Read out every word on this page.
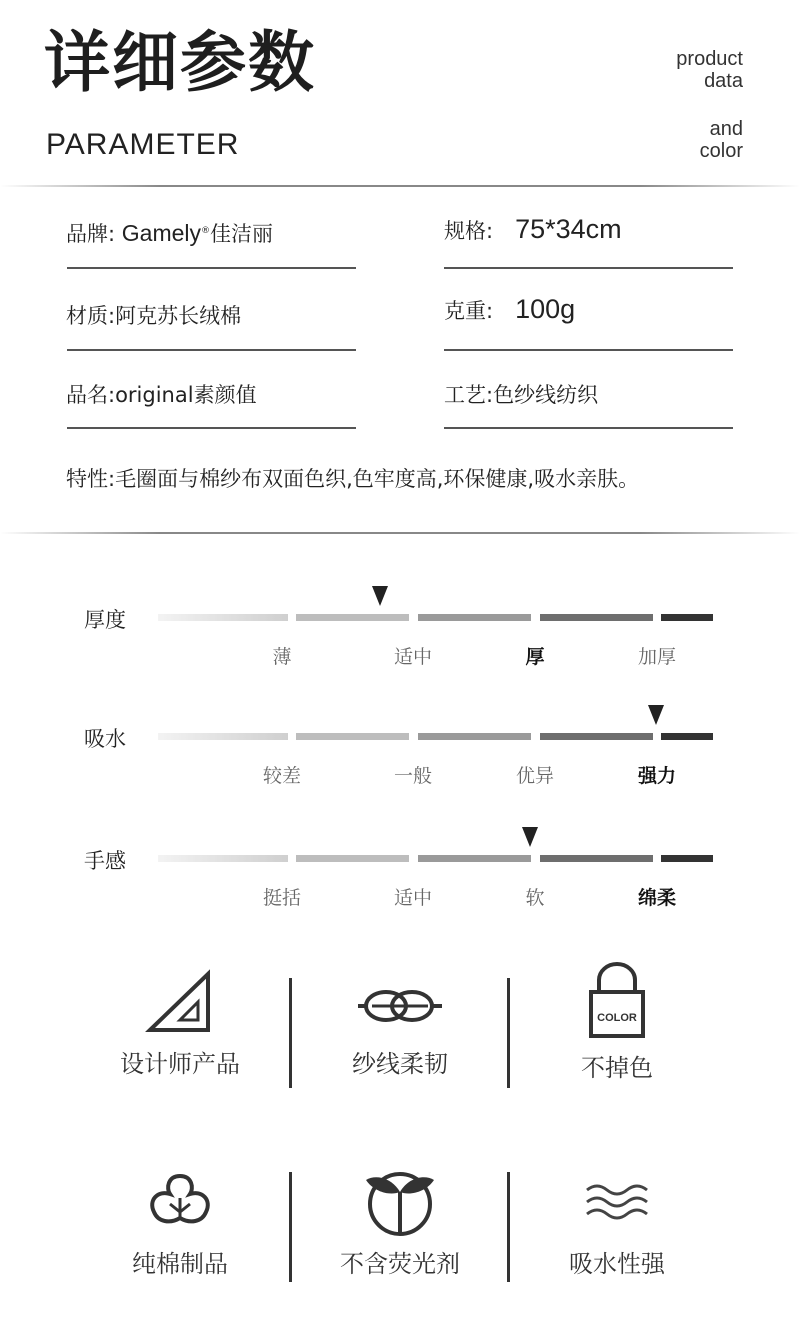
详细参数
PARAMETER
product
data
and
color
品牌: Gamely®佳洁丽	规格: 75*34cm
材质:阿克苏长绒棉	克重: 100g
品名:original素颜值	工艺:色纱线纺织
特性:毛圈面与棉纱布双面色织,色牢度高,环保健康,吸水亲肤。
厚度
薄	适中	厚	加厚
吸水
较差	一般	优异	强力
手感
挺括	适中	软	绵柔
设计师产品	纱线柔韧
COLOR
不掉色
纯棉制品	不含荧光剂	吸水性强
